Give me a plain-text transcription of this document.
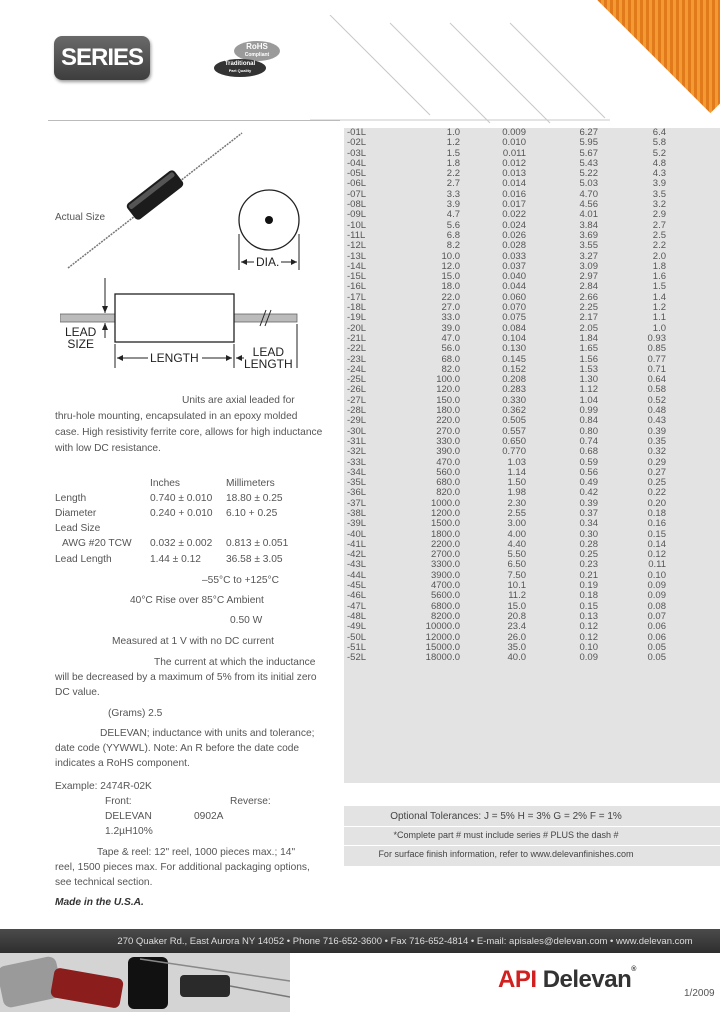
SERIES	RoHS
Compliant
Traditional
Part Quality
Actual Size
DIA.
LEAD
SIZE
LENGTH	LEAD
LENGTH
Units are axial leaded for
thru-hole mounting, encapsulated in an epoxy molded
case. High resistivity ferrite core, allows for high inductance
with low DC resistance.
Inches	Millimeters
Length	0.740 ± 0.010 18.80 ± 0.25
Diameter	0.240 + 0.010 6.10 + 0.25
Lead Size
AWG #20 TCW 0.032 ± 0.002 0.813 ± 0.051
Lead Length	1.44 ± 0.12 36.58 ± 3.05
–55°C to +125°C
40°C Rise over 85°C Ambient
0.50 W
Measured at 1 V with no DC current
The current at which the inductance
will be decreased by a maximum of 5% from its initial zero
DC value.
(Grams) 2.5
DELEVAN; inductance with units and tolerance;
date code (YYWWL). Note: An R before the date code
indicates a RoHS component.
Example: 2474R-02K
Front:	Reverse:
DELEVAN	0902A
1.2µH10%
Tape & reel: 12" reel, 1000 pieces max.; 14"
reel, 1500 pieces max. For additional packaging options,
see technical section.
Made in the U.S.A.
-01L	1.0	0.009	6.27	6.4
-02L	1.2	0.010	5.95	5.8
-03L	1.5	0.011	5.67	5.2
-04L	1.8	0.012	5.43	4.8
-05L	2.2	0.013	5.22	4.3
-06L	2.7	0.014	5.03	3.9
-07L	3.3	0.016	4.70	3.5
-08L	3.9	0.017	4.56	3.2
-09L	4.7	0.022	4.01	2.9
-10L	5.6	0.024	3.84	2.7
-11L	6.8	0.026	3.69	2.5
-12L	8.2	0.028	3.55	2.2
-13L	10.0	0.033	3.27	2.0
-14L	12.0	0.037	3.09	1.8
-15L	15.0	0.040	2.97	1.6
-16L	18.0	0.044	2.84	1.5
-17L	22.0	0.060	2.66	1.4
-18L	27.0	0.070	2.25	1.2
-19L	33.0	0.075	2.17	1.1
-20L	39.0	0.084	2.05	1.0
-21L	47.0	0.104	1.84	0.93
-22L	56.0	0.130	1.65	0.85
-23L	68.0	0.145	1.56	0.77
-24L	82.0	0.152	1.53	0.71
-25L	100.0	0.208	1.30	0.64
-26L	120.0	0.283	1.12	0.58
-27L	150.0	0.330	1.04	0.52
-28L	180.0	0.362	0.99	0.48
-29L	220.0	0.505	0.84	0.43
-30L	270.0	0.557	0.80	0.39
-31L	330.0	0.650	0.74	0.35
-32L	390.0	0.770	0.68	0.32
-33L	470.0	1.03	0.59	0.29
-34L	560.0	1.14	0.56	0.27
-35L	680.0	1.50	0.49	0.25
-36L	820.0	1.98	0.42	0.22
-37L	1000.0	2.30	0.39	0.20
-38L	1200.0	2.55	0.37	0.18
-39L	1500.0	3.00	0.34	0.16
-40L	1800.0	4.00	0.30	0.15
-41L	2200.0	4.40	0.28	0.14
-42L	2700.0	5.50	0.25	0.12
-43L	3300.0	6.50	0.23	0.11
-44L	3900.0	7.50	0.21	0.10
-45L	4700.0	10.1	0.19	0.09
-46L	5600.0	11.2	0.18	0.09
-47L	6800.0	15.0	0.15	0.08
-48L	8200.0	20.8	0.13	0.07
-49L	10000.0	23.4	0.12	0.06
-50L	12000.0	26.0	0.12	0.06
-51L	15000.0	35.0	0.10	0.05
-52L	18000.0	40.0	0.09	0.05
Optional Tolerances: J = 5% H = 3% G = 2% F = 1%
*Complete part # must include series # PLUS the dash #
For surface finish information, refer to www.delevanfinishes.com
270 Quaker Rd., East Aurora NY 14052 • Phone 716-652-3600 • Fax 716-652-4814 • E-mail: apisales@delevan.com • www.delevan.com
API Delevan®
1/2009
